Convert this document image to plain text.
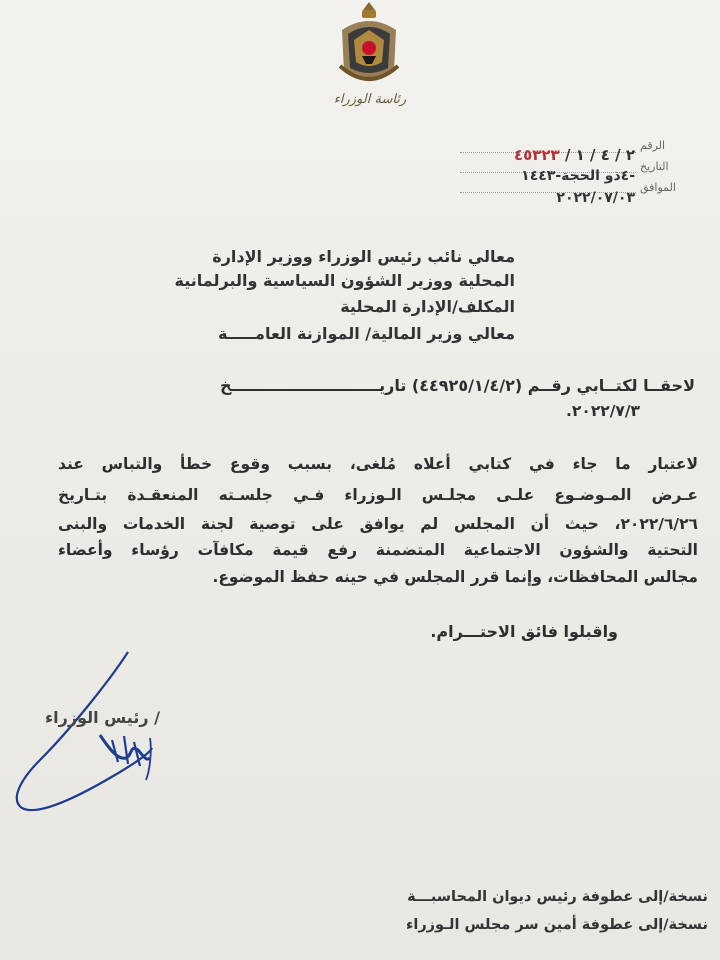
رئاسة الوزراء
الرقم
التاريخ
الموافق
٢ / ٤ / ١ / ٤٥٣٢٣
-٤ذو الحجة-١٤٤٣
٢٠٢٢/٠٧/٠٣
معالي نائب رئيس الوزراء ووزير الإدارة
المحلية ووزير الشؤون السياسية والبرلمانية
المكلف/الإدارة المحلية
معالي وزير المالية/ الموازنة العامـــــة
لاحقــا لكتــابي رقــم (٤٤٩٢٥/١/٤/٢) تاريـــــــــــــــــــــــــــخ
٢٠٢٢/٧/٣.
لاعتبار ما جاء في كتابي أعلاه مُلغى، بسبب وقوع خطأ والتباس عند
عـرض المـوضـوع علـى مجلـس الـوزراء فـي جلسـته المنعقـدة بتـاريخ
٢٠٢٢/٦/٢٦، حيث أن المجلس لم يوافق على توصية لجنة الخدمات والبنى
التحتية والشؤون الاجتماعية المتضمنة رفع قيمة مكافآت رؤساء وأعضاء
مجالس المحافظات، وإنما قرر المجلس في حينه حفظ الموضوع.
واقبلوا فائق الاحتـــرام.
/ رئيس الوزراء
نسخة/إلى عطوفة رئيس ديوان المحاسبـــة
نسخة/إلى عطوفة أمين سر مجلس الـوزراء
